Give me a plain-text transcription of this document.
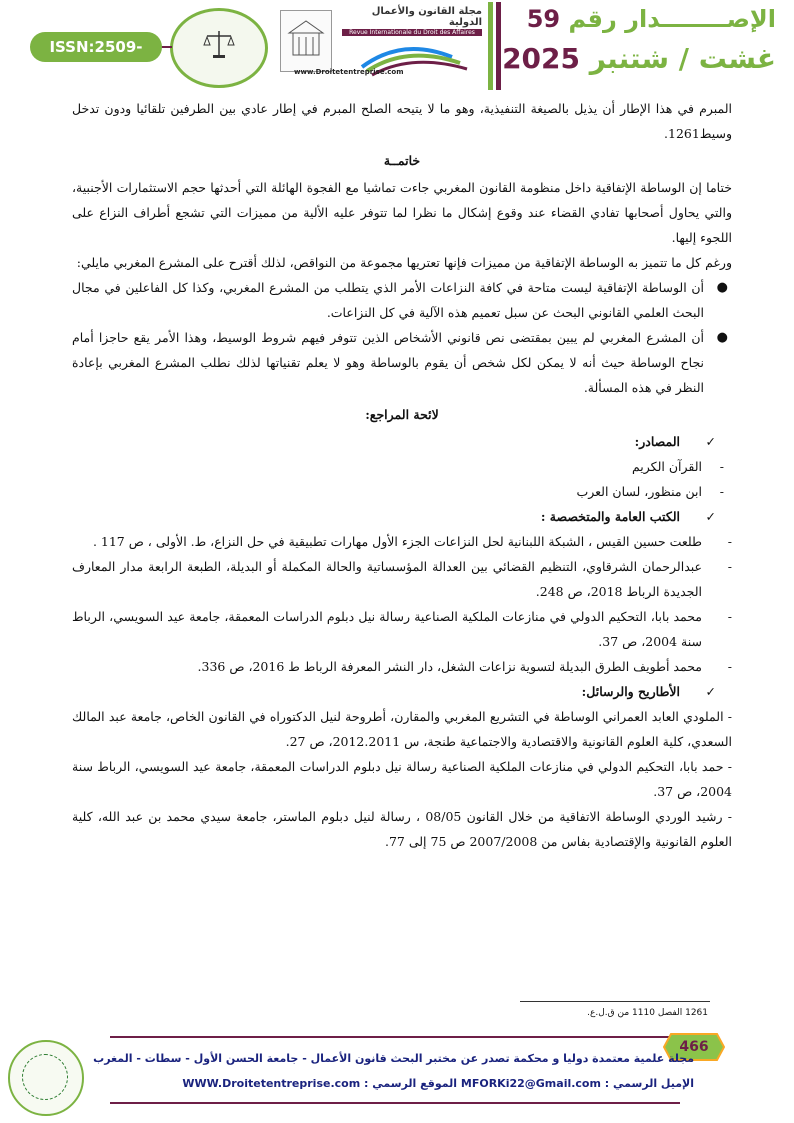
الإصــــــــدار رقم 59
غشت / شتنبر 2025
مجلة القانون والأعمال الدولية
Revue Internationale du Droit des Affaires
www.Droitetentreprise.com
ISSN:2509-0291

المبرم في هذا الإطار أن يذيل بالصيغة التنفيذية، وهو ما لا يتيحه الصلح المبرم في إطار عادي بين الطرفين تلقائيا ودون تدخل وسيط1261.

خاتمــة

ختاما إن الوساطة الإتفاقية داخل منظومة القانون المغربي جاءت تماشيا مع الفجوة الهائلة التي أحدثها حجم الاستثمارات الأجنبية، والتي يحاول أصحابها تفادي القضاء عند وقوع إشكال ما نظرا لما تتوفر عليه الألية من مميزات التي تشجع أطراف النزاع على اللجوء إليها.

ورغم كل ما تتميز به الوساطة الإتفاقية من مميزات فإنها تعتريها مجموعة من النواقص، لذلك أقترح على المشرع المغربي مايلي:

●
أن الوساطة الإتفاقية ليست متاحة في كافة النزاعات الأمر الذي يتطلب من المشرع المغربي، وكذا كل الفاعلين في مجال البحث العلمي القانوني البحث عن سبل تعميم هذه الآلية في كل النزاعات.
●
أن المشرع المغربي لم يبين بمقتضى نص قانوني الأشخاص الذين تتوفر فيهم شروط الوسيط، وهذا الأمر يقع حاجزا أمام نجاح الوساطة حيث أنه لا يمكن لكل شخص أن يقوم بالوساطة وهو لا يعلم تقنياتها لذلك نطلب المشرع المغربي بإعادة النظر في هذه المسألة.

لائحة المراجع:

✓
المصادر:
-
القرآن الكريم
-
ابن منظور، لسان العرب
✓
الكتب العامة والمتخصصة :
-

طلعت حسين القيس ، الشبكة اللبنانية لحل النزاعات الجزء الأول مهارات تطبيقية في حل النزاع، ط. الأولى ، ص 117 .

-

عبدالرحمان الشرقاوي، التنظيم القضائي بين العدالة المؤسساتية والحالة المكملة أو البديلة، الطبعة الرابعة مدار المعارف الجديدة الرباط 2018، ص 248.

-

محمد بابا، التحكيم الدولي في منازعات الملكية الصناعية رسالة نيل دبلوم الدراسات المعمقة، جامعة عيد السويسي، الرباط سنة 2004، ص 37.

-

محمد أطويف الطرق البديلة لتسوية نزاعات الشغل، دار النشر المعرفة الرباط ط 2016، ص 336.

✓
الأطاريح والرسائل:

- الملودي العابد العمراني الوساطة في التشريع المغربي والمقارن، أطروحة لنيل الدكتوراه في القانون الخاص، جامعة عبد المالك السعدي، كلية العلوم القانونية والاقتصادية والاجتماعية طنجة، س 2012.2011، ص 27.

- حمد بابا، التحكيم الدولي في منازعات الملكية الصناعية رسالة نيل دبلوم الدراسات المعمقة، جامعة عيد السويسي، الرباط سنة 2004، ص 37.

- رشيد الوردي الوساطة الاتفاقية من خلال القانون 08/05 ، رسالة لنيل دبلوم الماستر، جامعة سيدي محمد بن عبد الله، كلية العلوم القانونية والإقتصادية بفاس من 2007/2008 ص 75 إلى 77.

1261 الفصل 1110 من ق.ل.ع.
466
مجلة علمية معتمدة دوليا و محكمة تصدر عن مختبر البحث قانون الأعمال - جامعة الحسن الأول - سطات - المغرب
الإميل الرسمي : MFORKi22@Gmail.com الموقع الرسمي : WWW.Droitetentreprise.com
